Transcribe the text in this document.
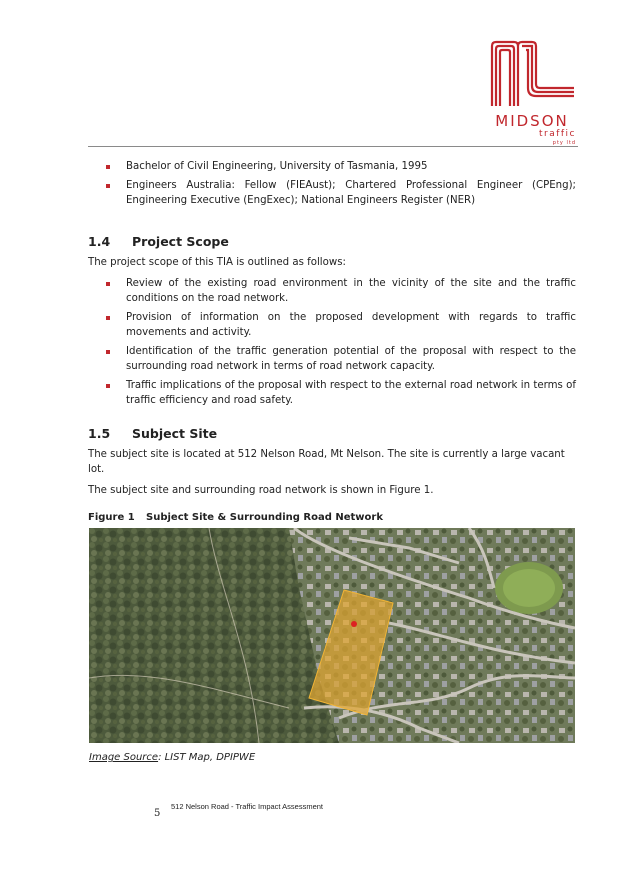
MIDSON
traffic
pty ltd
Bachelor of Civil Engineering, University of Tasmania, 1995
Engineers Australia: Fellow (FIEAust); Chartered Professional Engineer (CPEng); Engineering Executive (EngExec); National Engineers Register (NER)
1.4	Project Scope

The project scope of this TIA is outlined as follows:

Review of the existing road environment in the vicinity of the site and the traffic conditions on the road network.
Provision of information on the proposed development with regards to traffic movements and activity.
Identification of the traffic generation potential of the proposal with respect to the surrounding road network in terms of road network capacity.
Traffic implications of the proposal with respect to the external road network in terms of traffic efficiency and road safety.
1.5	Subject Site

The subject site is located at 512 Nelson Road, Mt Nelson. The site is currently a large vacant lot.

The subject site and surrounding road network is shown in Figure 1.

Figure 1	Subject Site & Surrounding Road Network
Image Source: LIST Map, DPIPWE
5
512 Nelson Road - Traffic Impact Assessment
